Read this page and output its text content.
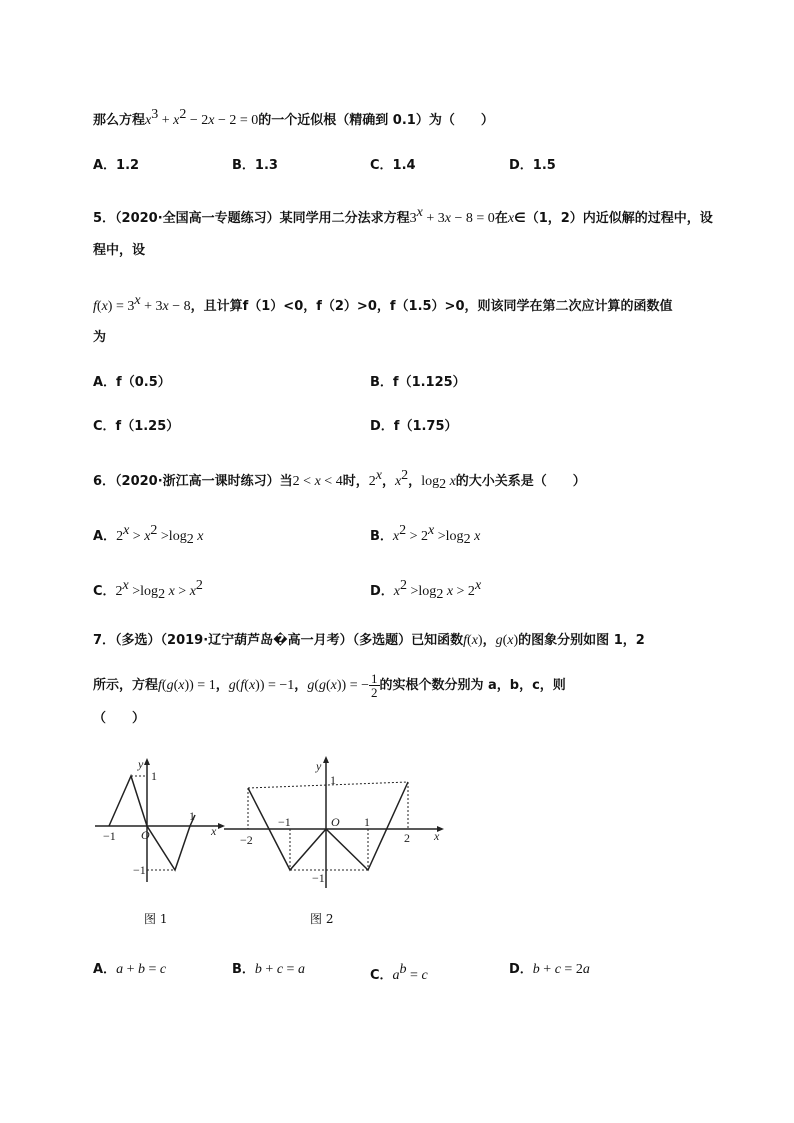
那么方程$x^3 + x^2 - 2x - 2 = 0$的一个近似根（精确到 0.1）为（　　）
A．1.2	B．1.3	C．1.4	D．1.5
5．（2020·全国高一专题练习）某同学用二分法求方程$3^x + 3x - 8 = 0$在x∈（1，2）内近似解的过程中，设
程中，设
$f(x) = 3^x + 3x - 8$，且计算f（1）<0，f（2）>0，f（1.5）>0，则该同学在第二次应计算的函数值
为
A．f（0.5）	B．f（1.125）
C．f（1.25）	D．f（1.75）
6．（2020·浙江高一课时练习）当2 < x < 4时，2$^x$，$x^2$，$\log_2 x$的大小关系是（　　）
A．$2^x > x^2 >\log_2$ x	B．$x^2 > 2^x >\log_2$ x
C．$2^x >\log_2$ $x > x^2$	D．$x^2 >\log_2$ $x > 2^x$
7．（多选）（2019·辽宁葫芦岛�高一月考）（多选题）已知函数f(x)，g(x)的图象分别如图 1，2
所示，方程f(g(x)) = 1，g(f(x)) = −1，g(g(x)) = − $\frac{1}{2}$ 的实根个数分别为 a，b，c，则
（　　）
y
x
O
1
−1
1
−1
图 1
y
x
O
1
−2
−1	1
2
−1
图 2
A．a + b = c	B．b + c = a	C．$a^b = c$	D．b + c = 2a
